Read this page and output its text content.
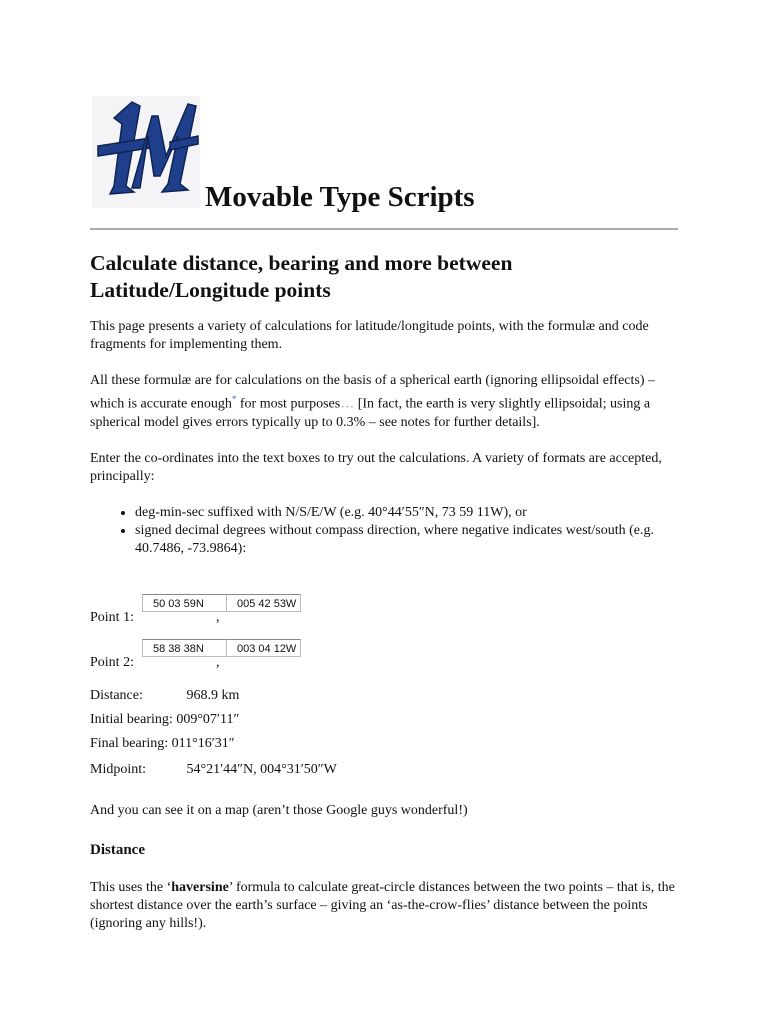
Movable Type Scripts
Calculate distance, bearing and more between Latitude/Longitude points

This page presents a variety of calculations for latitude/longitude points, with the formulæ and code fragments for implementing them.

All these formulæ are for calculations on the basis of a spherical earth (ignoring ellipsoidal effects) – which is accurate enough* for most purposes… [In fact, the earth is very slightly ellipsoidal; using a spherical model gives errors typically up to 0.3% – see notes for further details].

Enter the co-ordinates into the text boxes to try out the calculations. A variety of formats are accepted, principally:

• deg-min-sec suffixed with N/S/E/W (e.g. 40°44′55″N, 73 59 11W), or
• signed decimal degrees without compass direction, where negative indicates west/south (e.g. 40.7486, -73.9864):
Point 1:
50 03 59N
,
005 42 53W
Point 2:
58 38 38N
,
003 04 12W
Distance:	968.9 km
Initial bearing: 009°07′11″
Final bearing: 011°16′31″
Midpoint:	54°21′44″N, 004°31′50″W

And you can see it on a map (aren’t those Google guys wonderful!)

Distance

This uses the ‘haversine’ formula to calculate great-circle distances between the two points – that is, the shortest distance over the earth’s surface – giving an ‘as-the-crow-flies’ distance between the points (ignoring any hills!).
